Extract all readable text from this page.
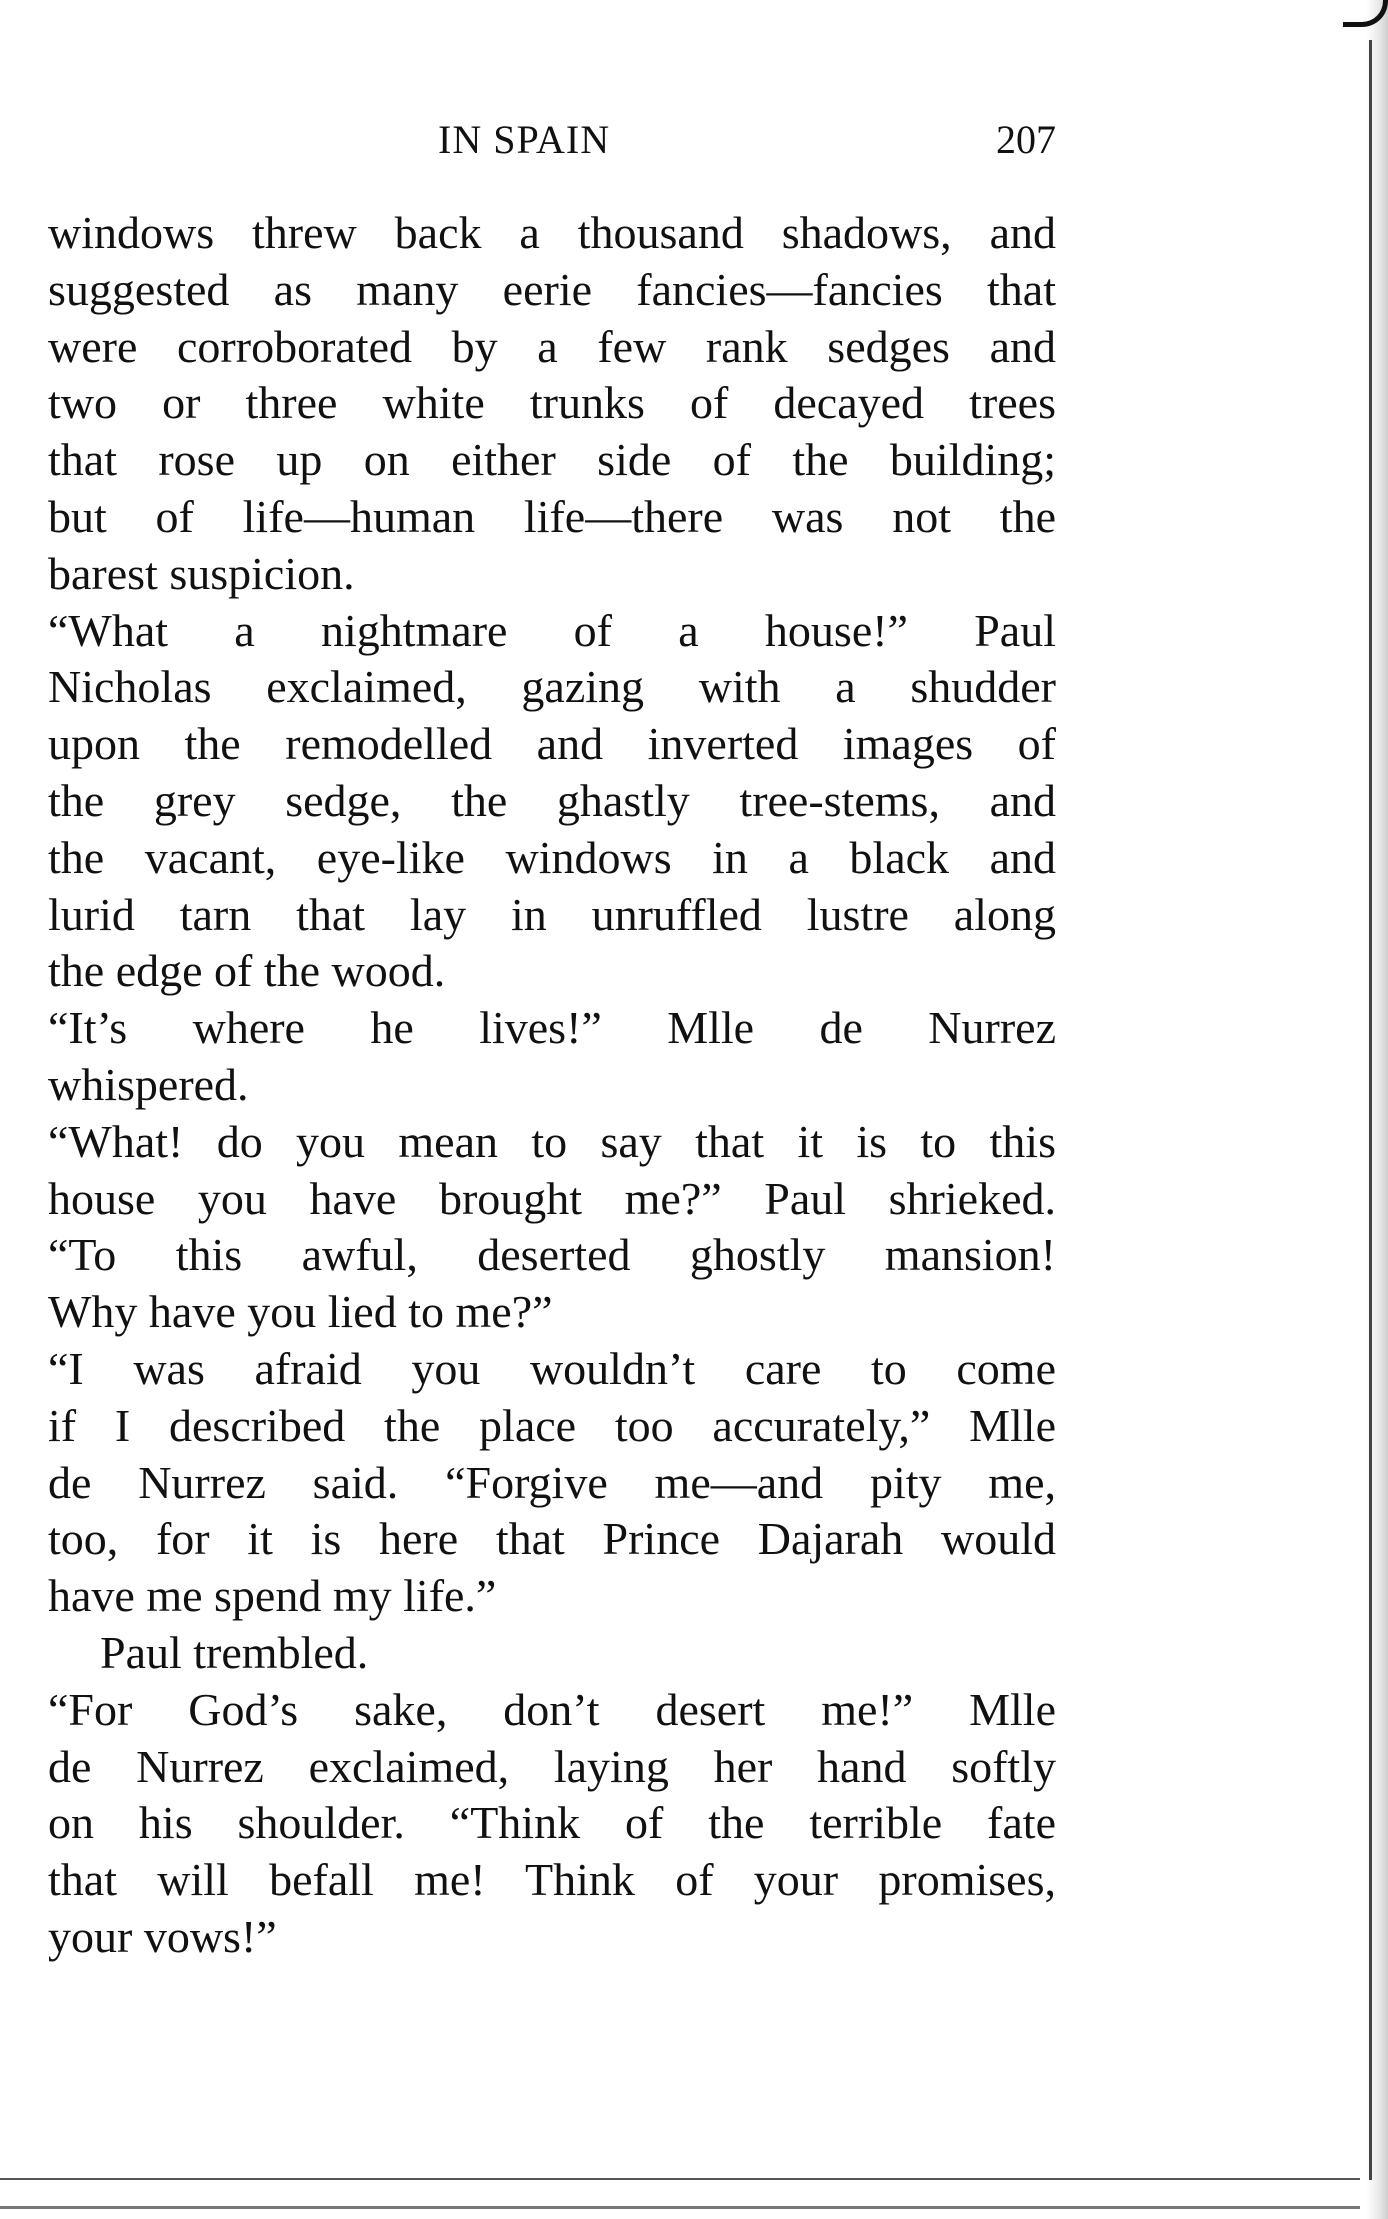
IN SPAIN	207
windows threw back a thousand shadows, and
suggested as many eerie fancies—fancies that
were corroborated by a few rank sedges and
two or three white trunks of decayed trees
that rose up on either side of the building;
but of life—human life—there was not the
barest suspicion.
“What a nightmare of a house!” Paul
Nicholas exclaimed, gazing with a shudder
upon the remodelled and inverted images of
the grey sedge, the ghastly tree-stems, and
the vacant, eye-like windows in a black and
lurid tarn that lay in unruffled lustre along
the edge of the wood.
“It’s where he lives!” Mlle de Nurrez
whispered.
“What! do you mean to say that it is to this
house you have brought me?” Paul shrieked.
“To this awful, deserted ghostly mansion!
Why have you lied to me?”
“I was afraid you wouldn’t care to come
if I described the place too accurately,” Mlle
de Nurrez said. “Forgive me—and pity me,
too, for it is here that Prince Dajarah would
have me spend my life.”
Paul trembled.
“For God’s sake, don’t desert me!” Mlle
de Nurrez exclaimed, laying her hand softly
on his shoulder. “Think of the terrible fate
that will befall me! Think of your promises,
your vows!”
